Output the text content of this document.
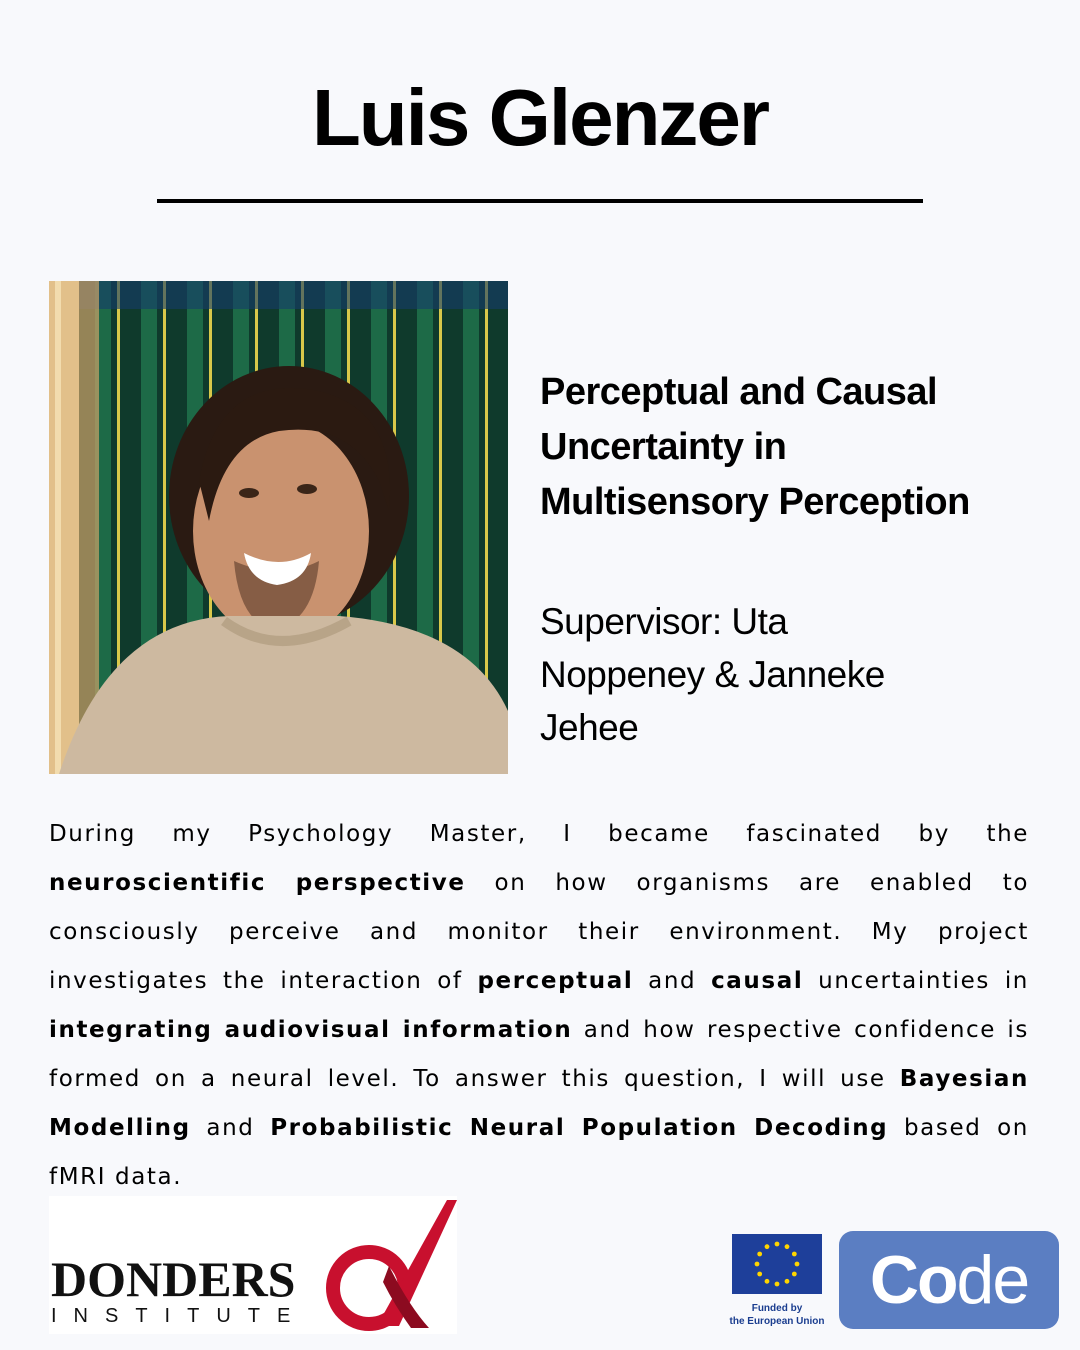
Luis Glenzer
Perceptual and Causal
Uncertainty in
Multisensory Perception
Supervisor: Uta
Noppeney & Janneke
Jehee

During my Psychology Master, I became fascinated by the neuroscientific perspective on how organisms are enabled to consciously perceive and monitor their environment. My project investigates the interaction of perceptual and causal uncertainties in integrating audiovisual information and how respective confidence is formed on a neural level. To answer this question, I will use Bayesian Modelling and Probabilistic Neural Population Decoding based on fMRI data.

DONDERS
INSTITUTE	Funded by
the European Union
Code
